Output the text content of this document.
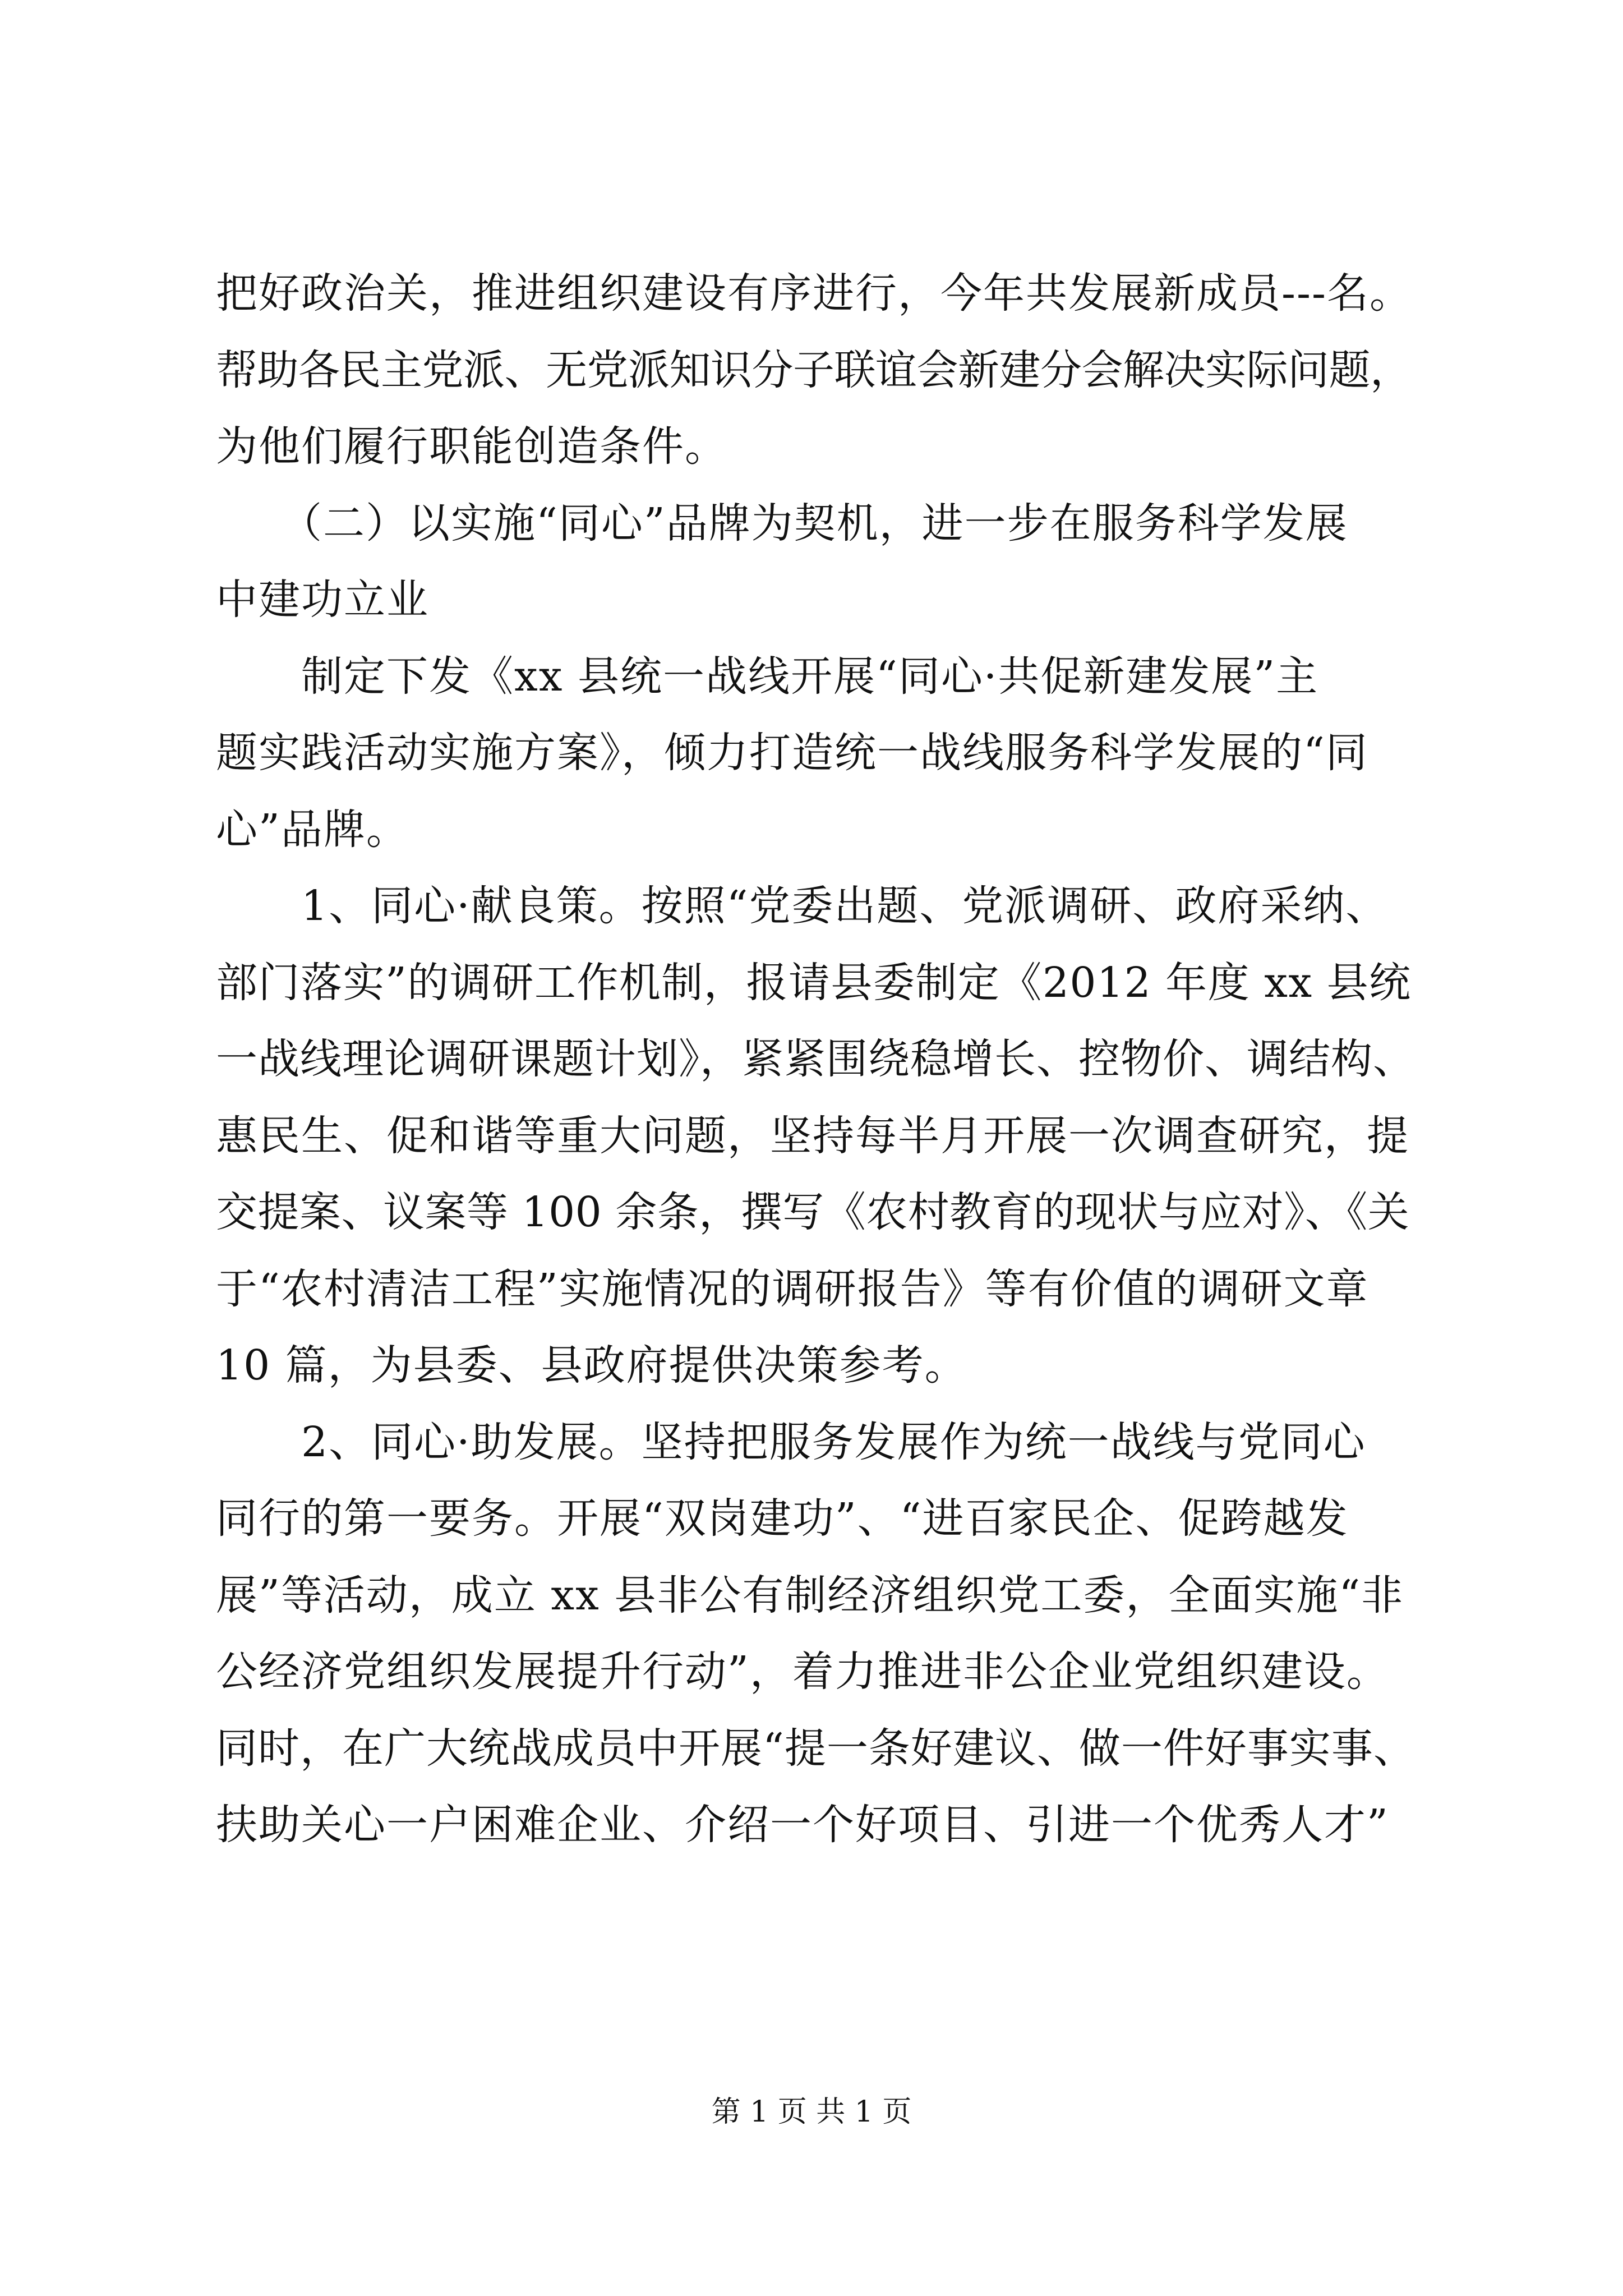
把好政治关，推进组织建设有序进行，今年共发展新成员---名。
帮助各民主党派、无党派知识分子联谊会新建分会解决实际问题，
为他们履行职能创造条件。
　　（二）以实施“同心”品牌为契机，进一步在服务科学发展
中建功立业
　　制定下发《xx 县统一战线开展“同心·共促新建发展”主
题实践活动实施方案》，倾力打造统一战线服务科学发展的“同
心”品牌。
　　1、同心·献良策。按照“党委出题、党派调研、政府采纳、
部门落实”的调研工作机制，报请县委制定《2012 年度 xx 县统
一战线理论调研课题计划》，紧紧围绕稳增长、控物价、调结构、
惠民生、促和谐等重大问题，坚持每半月开展一次调查研究，提
交提案、议案等 100 余条，撰写《农村教育的现状与应对》、《关
于“农村清洁工程”实施情况的调研报告》等有价值的调研文章
10 篇，为县委、县政府提供决策参考。
　　2、同心·助发展。坚持把服务发展作为统一战线与党同心
同行的第一要务。开展“双岗建功”、“进百家民企、促跨越发
展”等活动，成立 xx 县非公有制经济组织党工委，全面实施“非
公经济党组织发展提升行动”，着力推进非公企业党组织建设。
同时，在广大统战成员中开展“提一条好建议、做一件好事实事、
扶助关心一户困难企业、介绍一个好项目、引进一个优秀人才”
第 1 页 共 1 页
